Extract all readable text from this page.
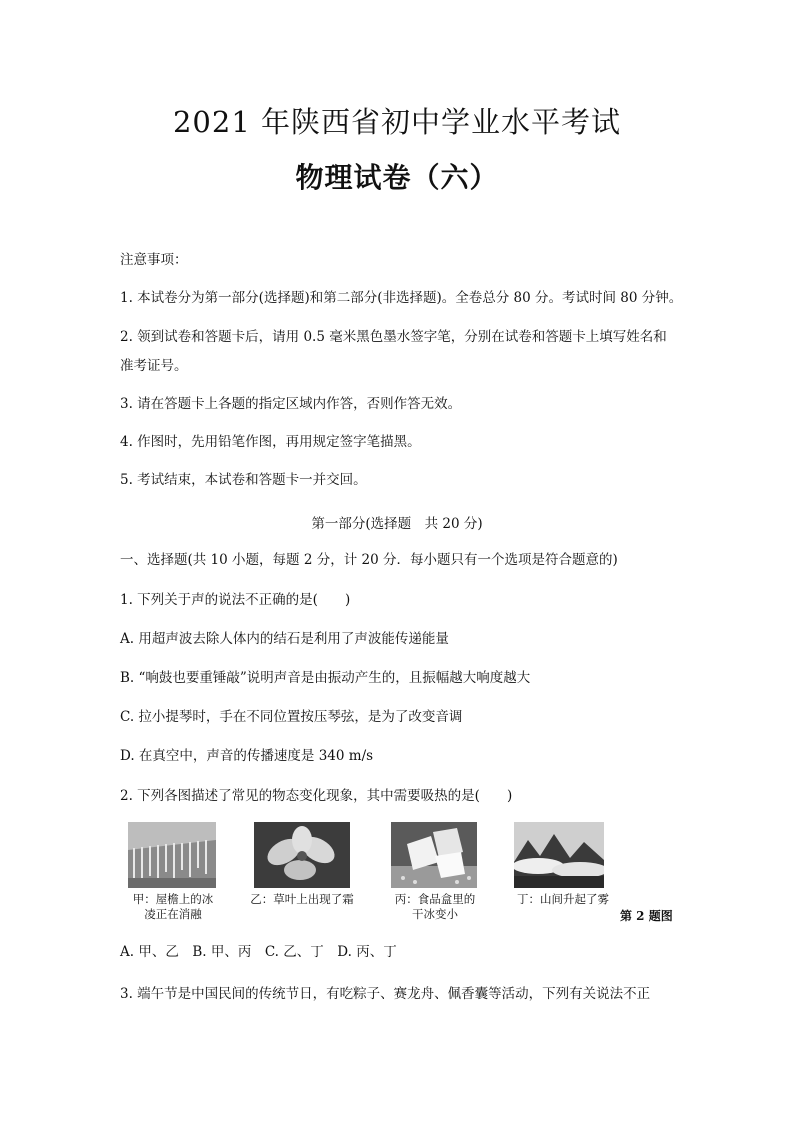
2021 年陕西省初中学业水平考试
物理试卷（六）
注意事项：
1. 本试卷分为第一部分(选择题)和第二部分(非选择题)。全卷总分 80 分。考试时间 80 分钟。
2. 领到试卷和答题卡后，请用 0.5 毫米黑色墨水签字笔，分别在试卷和答题卡上填写姓名和
准考证号。
3. 请在答题卡上各题的指定区域内作答，否则作答无效。
4. 作图时，先用铅笔作图，再用规定签字笔描黑。
5. 考试结束，本试卷和答题卡一并交回。
第一部分(选择题　共 20 分)
一、选择题(共 10 小题，每题 2 分，计 20 分．每小题只有一个选项是符合题意的)
1. 下列关于声的说法不正确的是(　　)
A. 用超声波去除人体内的结石是利用了声波能传递能量
B. “响鼓也要重锤敲”说明声音是由振动产生的，且振幅越大响度越大
C. 拉小提琴时，手在不同位置按压琴弦，是为了改变音调
D. 在真空中，声音的传播速度是 340 m/s
2. 下列各图描述了常见的物态变化现象，其中需要吸热的是(　　)
甲：屋檐上的冰
凌正在消融
乙：草叶上出现了霜	丙：食品盒里的
干冰变小
丁：山间升起了雾
第 2 题图
A. 甲、乙　B. 甲、丙　C. 乙、丁　D. 丙、丁
3. 端午节是中国民间的传统节日，有吃粽子、赛龙舟、佩香囊等活动，下列有关说法不正
